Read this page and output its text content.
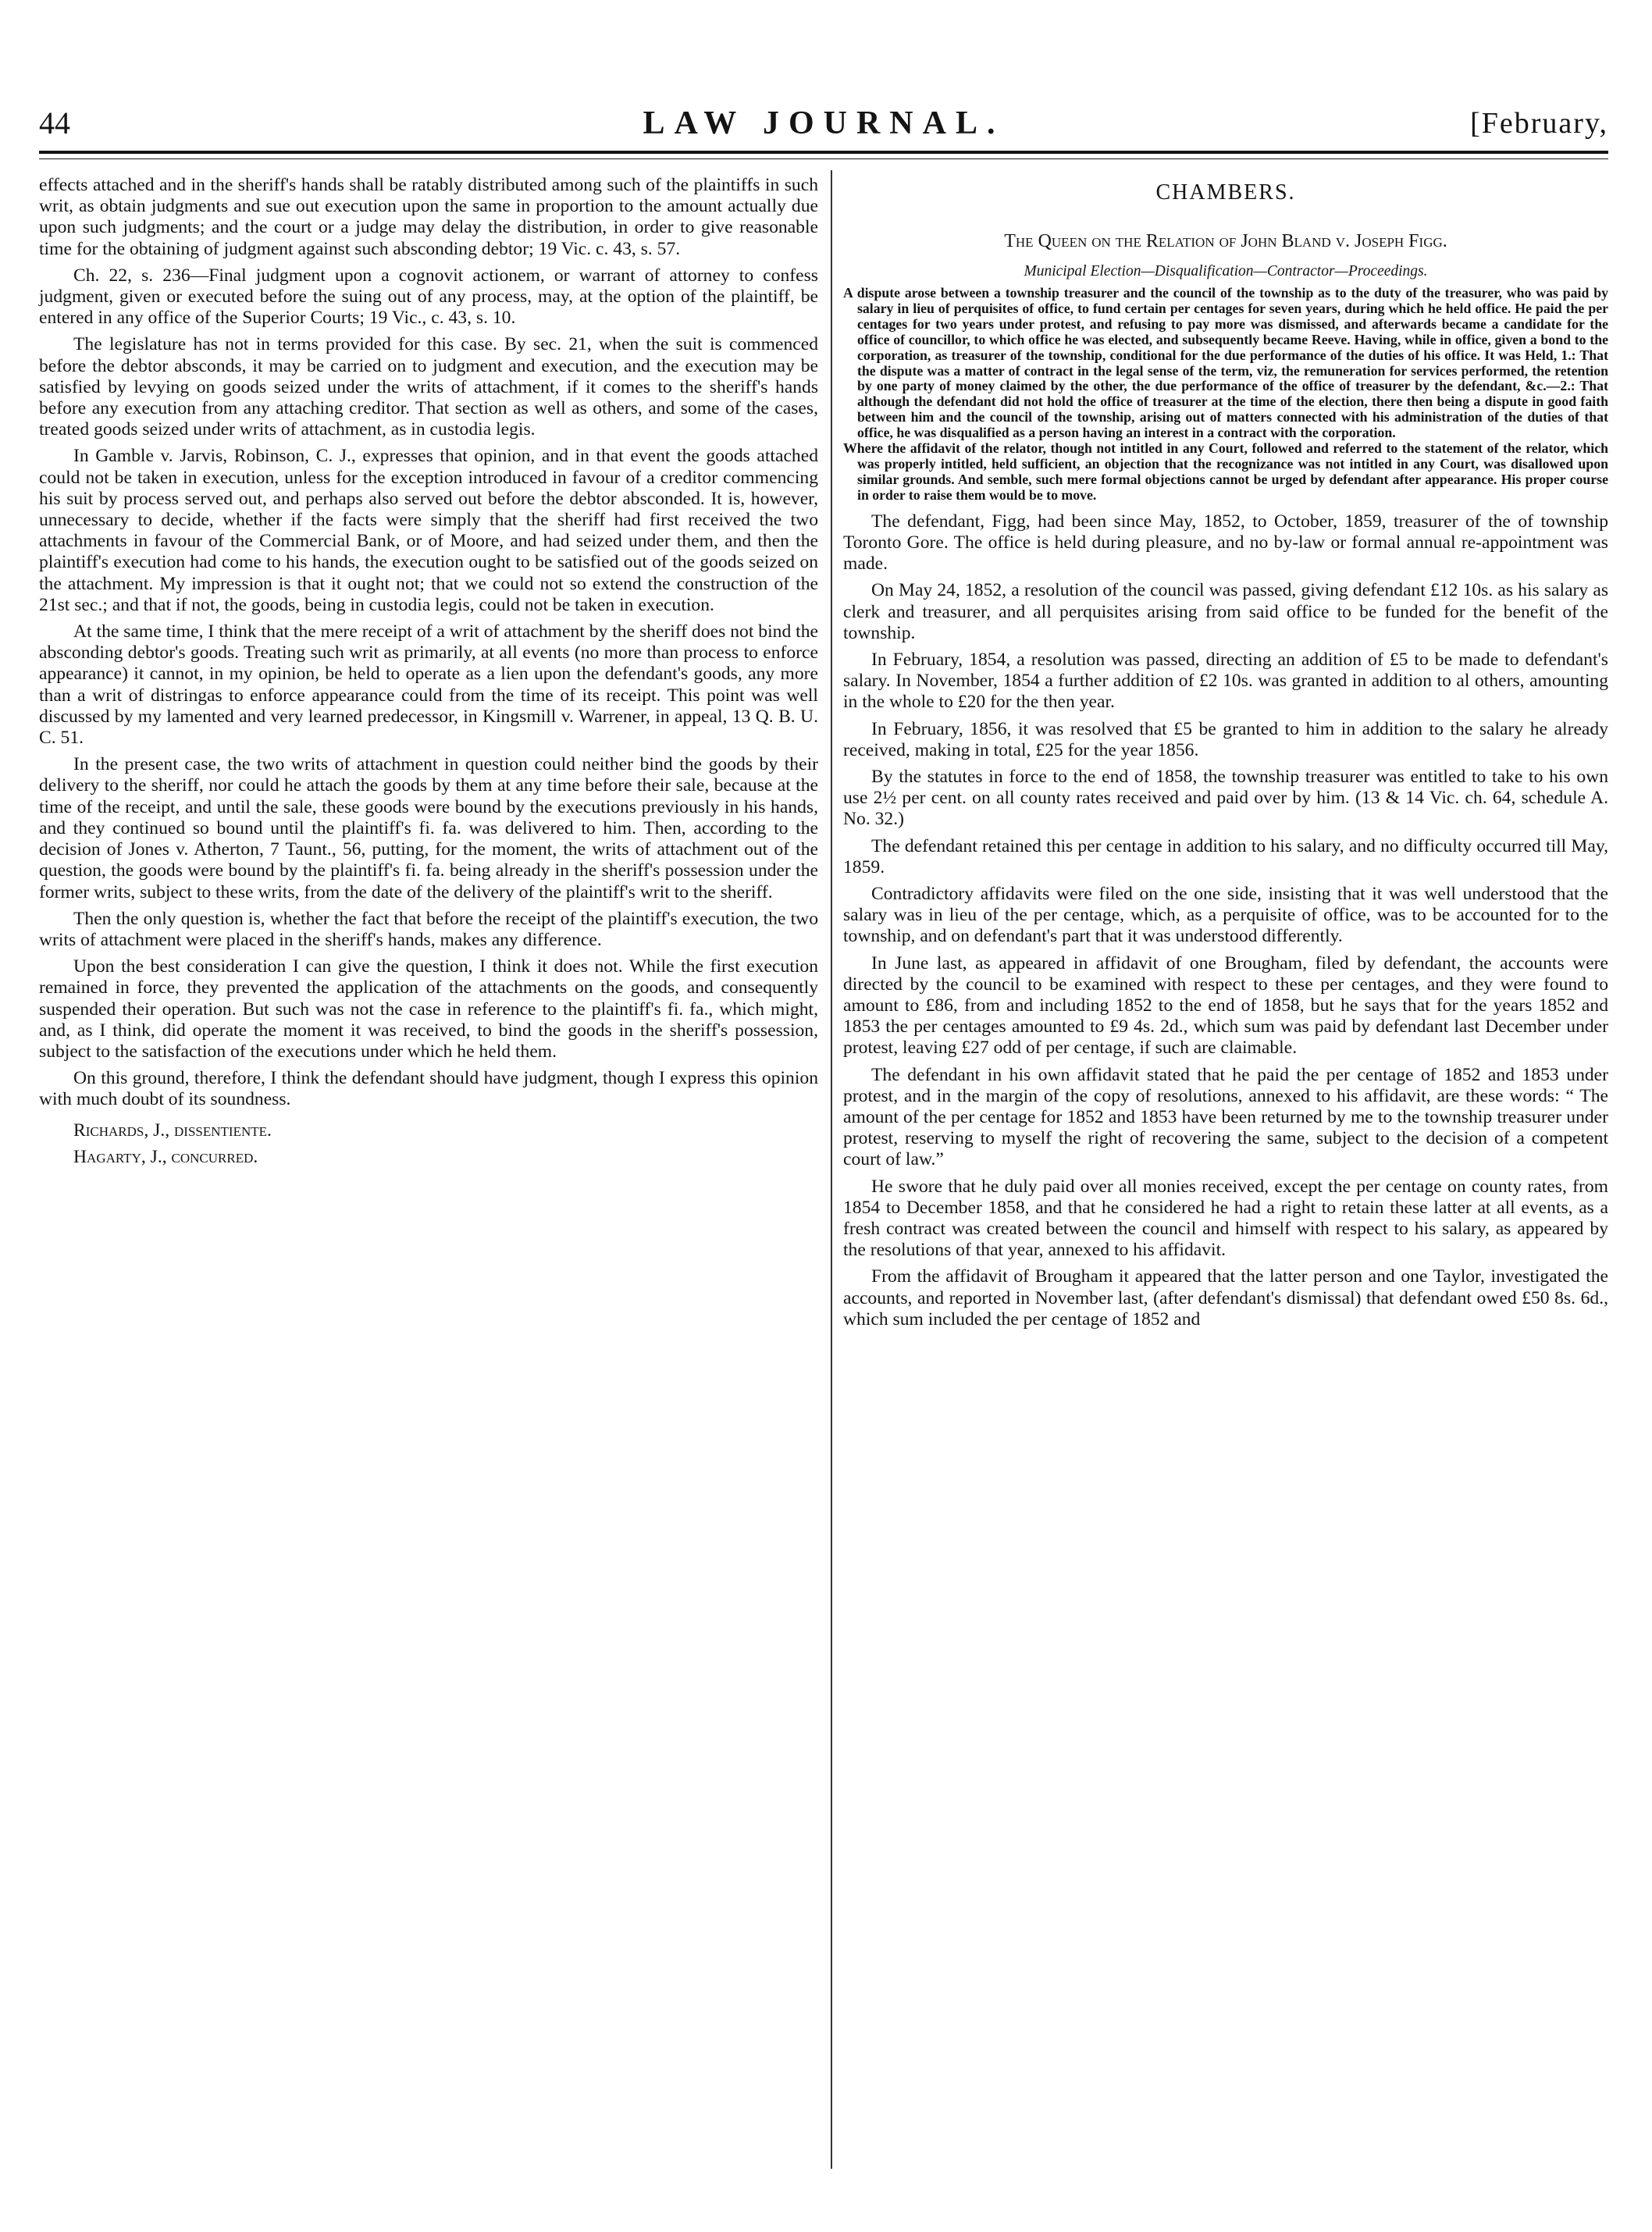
44	LAW JOURNAL.	[February,

effects attached and in the sheriff's hands shall be ratably distributed among such of the plaintiffs in such writ, as obtain judgments and sue out execution upon the same in proportion to the amount actually due upon such judgments; and the court or a judge may delay the distribution, in order to give reasonable time for the obtaining of judgment against such absconding debtor; 19 Vic. c. 43, s. 57.

Ch. 22, s. 236—Final judgment upon a cognovit actionem, or warrant of attorney to confess judgment, given or executed before the suing out of any process, may, at the option of the plaintiff, be entered in any office of the Superior Courts; 19 Vic., c. 43, s. 10.

The legislature has not in terms provided for this case. By sec. 21, when the suit is commenced before the debtor absconds, it may be carried on to judgment and execution, and the execution may be satisfied by levying on goods seized under the writs of attachment, if it comes to the sheriff's hands before any execution from any attaching creditor. That section as well as others, and some of the cases, treated goods seized under writs of attachment, as in custodia legis.

In Gamble v. Jarvis, Robinson, C. J., expresses that opinion, and in that event the goods attached could not be taken in execution, unless for the exception introduced in favour of a creditor commencing his suit by process served out, and perhaps also served out before the debtor absconded. It is, however, unnecessary to decide, whether if the facts were simply that the sheriff had first received the two attachments in favour of the Commercial Bank, or of Moore, and had seized under them, and then the plaintiff's execution had come to his hands, the execution ought to be satisfied out of the goods seized on the attachment. My impression is that it ought not; that we could not so extend the construction of the 21st sec.; and that if not, the goods, being in custodia legis, could not be taken in execution.

At the same time, I think that the mere receipt of a writ of attachment by the sheriff does not bind the absconding debtor's goods. Treating such writ as primarily, at all events (no more than process to enforce appearance) it cannot, in my opinion, be held to operate as a lien upon the defendant's goods, any more than a writ of distringas to enforce appearance could from the time of its receipt. This point was well discussed by my lamented and very learned predecessor, in Kingsmill v. Warrener, in appeal, 13 Q. B. U. C. 51.

In the present case, the two writs of attachment in question could neither bind the goods by their delivery to the sheriff, nor could he attach the goods by them at any time before their sale, because at the time of the receipt, and until the sale, these goods were bound by the executions previously in his hands, and they continued so bound until the plaintiff's fi. fa. was delivered to him. Then, according to the decision of Jones v. Atherton, 7 Taunt., 56, putting, for the moment, the writs of attachment out of the question, the goods were bound by the plaintiff's fi. fa. being already in the sheriff's possession under the former writs, subject to these writs, from the date of the delivery of the plaintiff's writ to the sheriff.

Then the only question is, whether the fact that before the receipt of the plaintiff's execution, the two writs of attachment were placed in the sheriff's hands, makes any difference.

Upon the best consideration I can give the question, I think it does not. While the first execution remained in force, they prevented the application of the attachments on the goods, and consequently suspended their operation. But such was not the case in reference to the plaintiff's fi. fa., which might, and, as I think, did operate the moment it was received, to bind the goods in the sheriff's possession, subject to the satisfaction of the executions under which he held them.

On this ground, therefore, I think the defendant should have judgment, though I express this opinion with much doubt of its soundness.

Richards, J., dissentiente.

Hagarty, J., concurred.

CHAMBERS.
The Queen on the Relation of John Bland v. Joseph Figg.
Municipal Election—Disqualification—Contractor—Proceedings.

A dispute arose between a township treasurer and the council of the township as to the duty of the treasurer, who was paid by salary in lieu of perquisites of office, to fund certain per centages for seven years, during which he held office. He paid the per centages for two years under protest, and refusing to pay more was dismissed, and afterwards became a candidate for the office of councillor, to which office he was elected, and subsequently became Reeve. Having, while in office, given a bond to the corporation, as treasurer of the township, conditional for the due performance of the duties of his office. It was Held, 1.: That the dispute was a matter of contract in the legal sense of the term, viz, the remuneration for services performed, the retention by one party of money claimed by the other, the due performance of the office of treasurer by the defendant, &c.—2.: That although the defendant did not hold the office of treasurer at the time of the election, there then being a dispute in good faith between him and the council of the township, arising out of matters connected with his administration of the duties of that office, he was disqualified as a person having an interest in a contract with the corporation.

Where the affidavit of the relator, though not intitled in any Court, followed and referred to the statement of the relator, which was properly intitled, held sufficient, an objection that the recognizance was not intitled in any Court, was disallowed upon similar grounds. And semble, such mere formal objections cannot be urged by defendant after appearance. His proper course in order to raise them would be to move.

The defendant, Figg, had been since May, 1852, to October, 1859, treasurer of the of township Toronto Gore. The office is held during pleasure, and no by-law or formal annual re-appointment was made.

On May 24, 1852, a resolution of the council was passed, giving defendant £12 10s. as his salary as clerk and treasurer, and all perquisites arising from said office to be funded for the benefit of the township.

In February, 1854, a resolution was passed, directing an addition of £5 to be made to defendant's salary. In November, 1854 a further addition of £2 10s. was granted in addition to al others, amounting in the whole to £20 for the then year.

In February, 1856, it was resolved that £5 be granted to him in addition to the salary he already received, making in total, £25 for the year 1856.

By the statutes in force to the end of 1858, the township treasurer was entitled to take to his own use 2½ per cent. on all county rates received and paid over by him. (13 & 14 Vic. ch. 64, schedule A. No. 32.)

The defendant retained this per centage in addition to his salary, and no difficulty occurred till May, 1859.

Contradictory affidavits were filed on the one side, insisting that it was well understood that the salary was in lieu of the per centage, which, as a perquisite of office, was to be accounted for to the township, and on defendant's part that it was understood differently.

In June last, as appeared in affidavit of one Brougham, filed by defendant, the accounts were directed by the council to be examined with respect to these per centages, and they were found to amount to £86, from and including 1852 to the end of 1858, but he says that for the years 1852 and 1853 the per centages amounted to £9 4s. 2d., which sum was paid by defendant last December under protest, leaving £27 odd of per centage, if such are claimable.

The defendant in his own affidavit stated that he paid the per centage of 1852 and 1853 under protest, and in the margin of the copy of resolutions, annexed to his affidavit, are these words: “ The amount of the per centage for 1852 and 1853 have been returned by me to the township treasurer under protest, reserving to myself the right of recovering the same, subject to the decision of a competent court of law.”

He swore that he duly paid over all monies received, except the per centage on county rates, from 1854 to December 1858, and that he considered he had a right to retain these latter at all events, as a fresh contract was created between the council and himself with respect to his salary, as appeared by the resolutions of that year, annexed to his affidavit.

From the affidavit of Brougham it appeared that the latter person and one Taylor, investigated the accounts, and reported in November last, (after defendant's dismissal) that defendant owed £50 8s. 6d., which sum included the per centage of 1852 and
